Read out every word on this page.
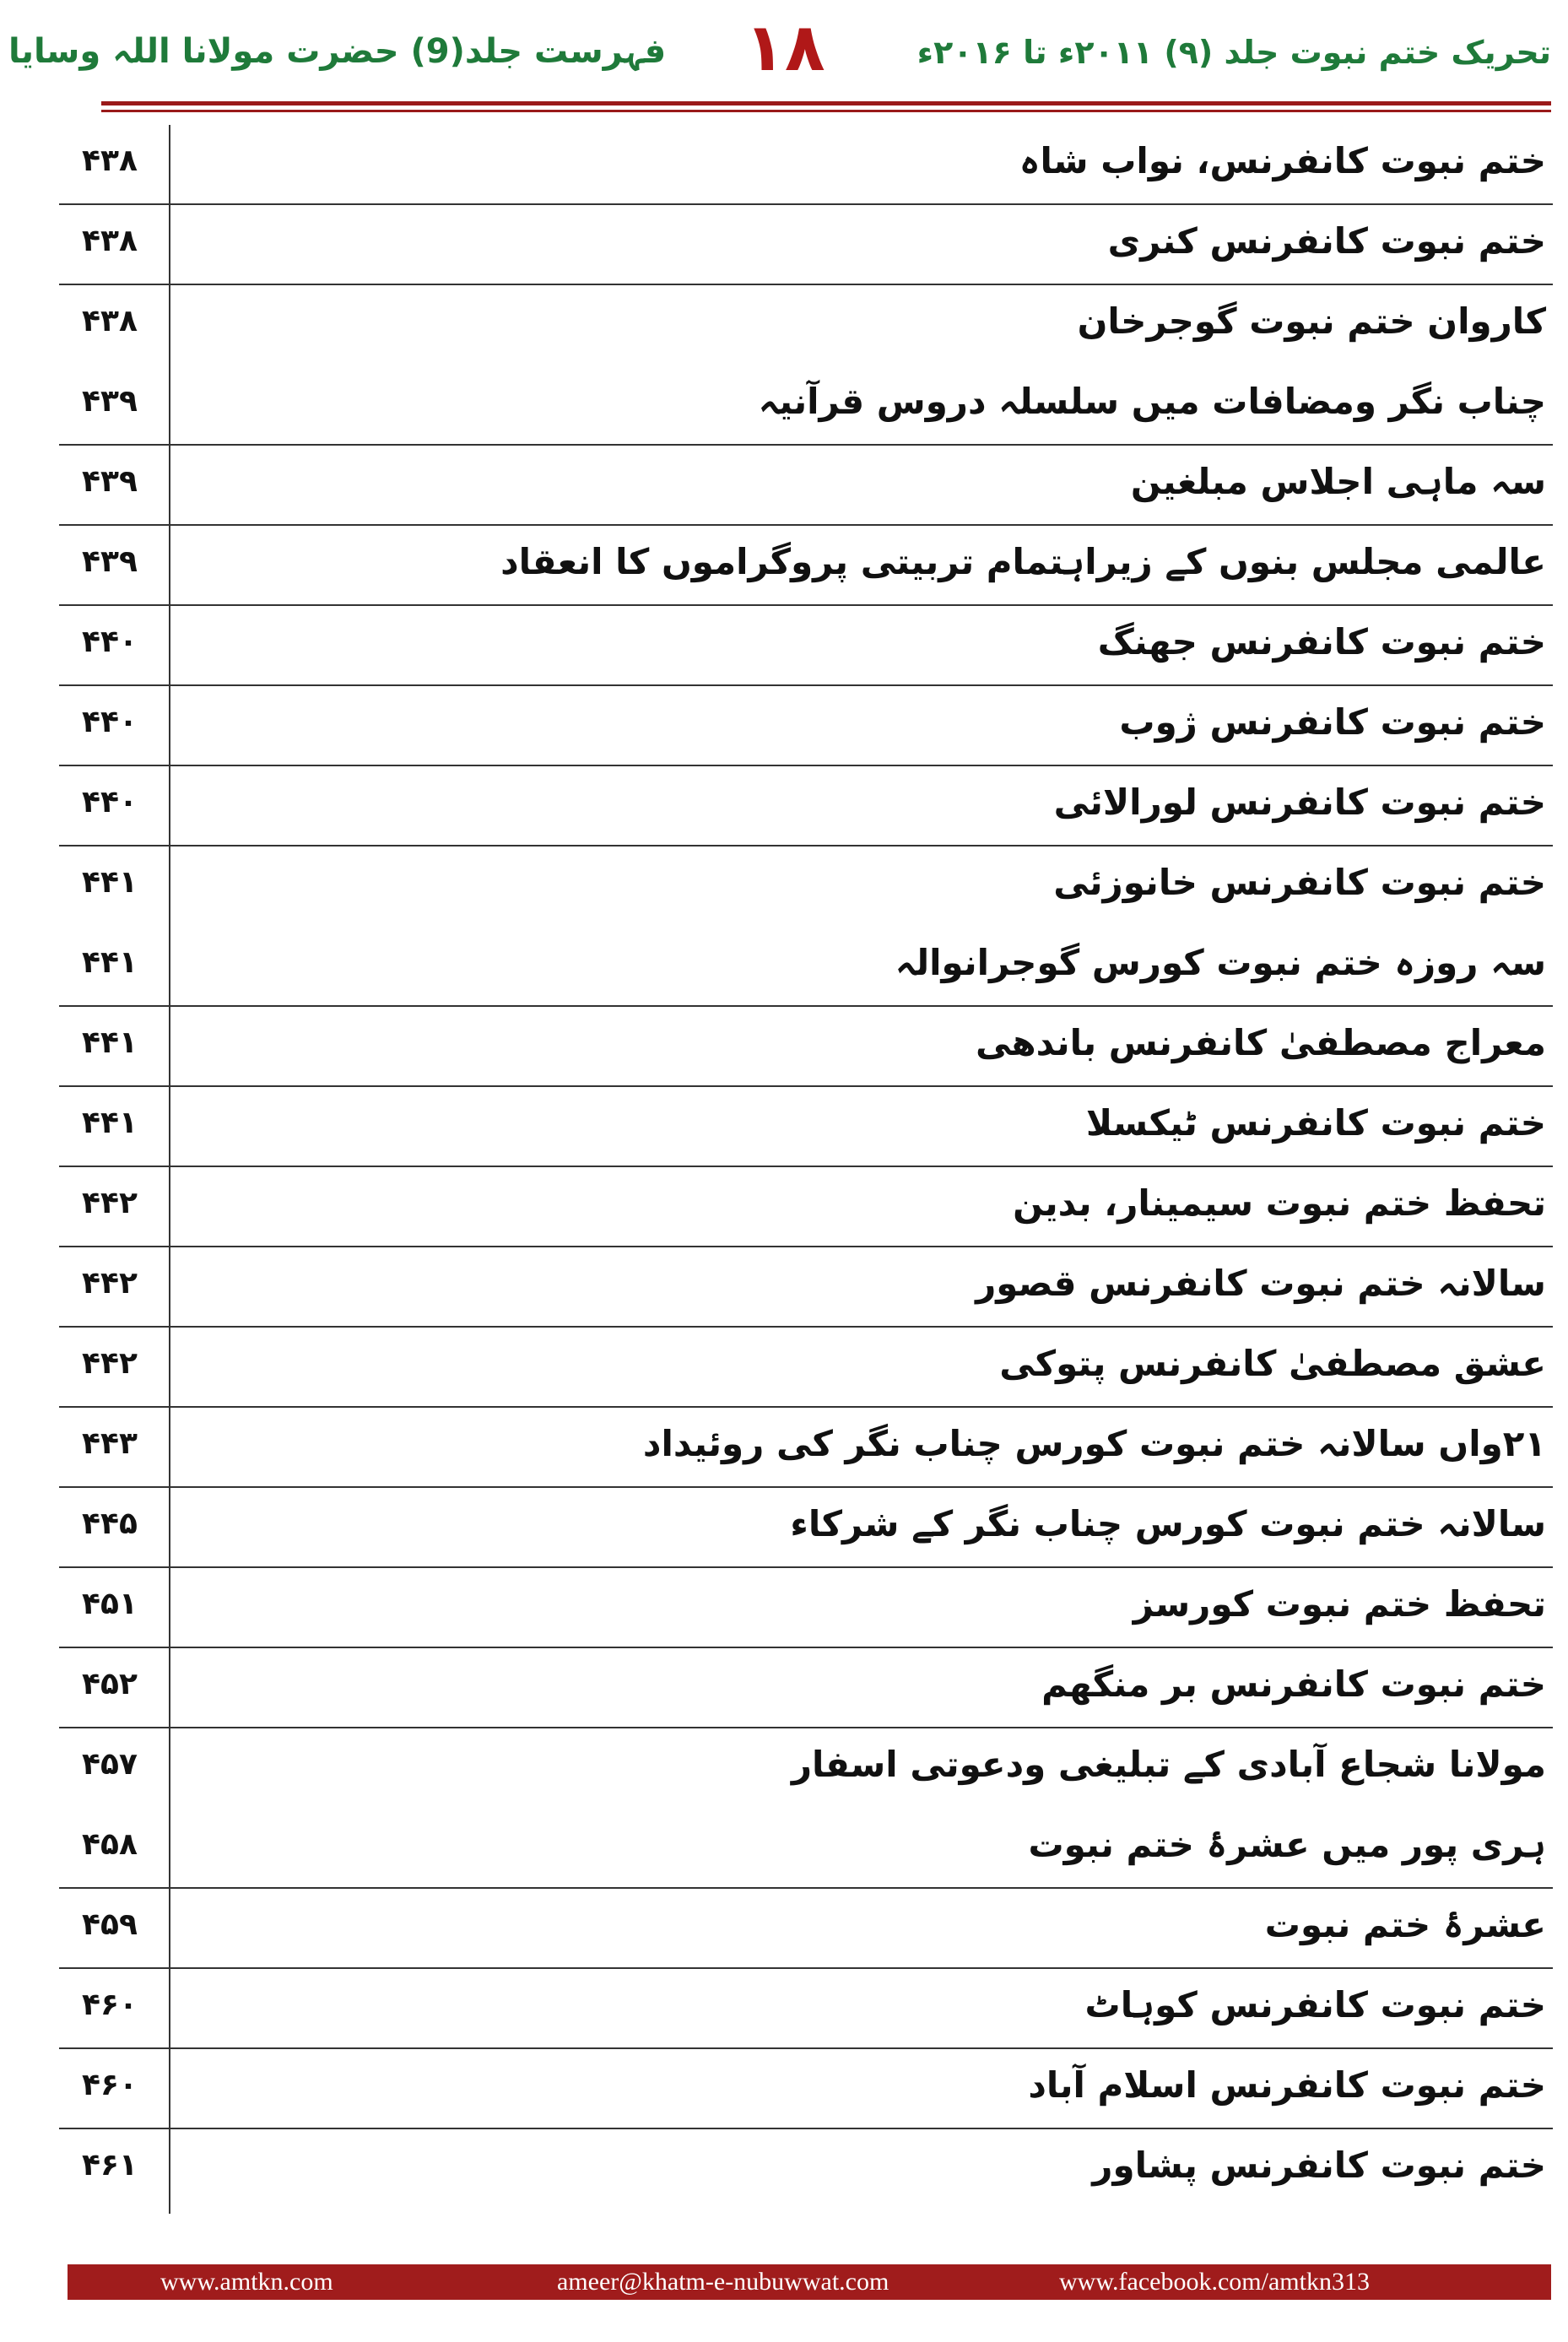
فہرست جلد(9) حضرت مولانا اللہ وسایا ۱۸	تحریک ختم نبوت جلد (۹) ۲۰۱۱ء تا ۲۰۱۶ء
۴۳۸	ختم نبوت کانفرنس، نواب شاہ
۴۳۸	ختم نبوت کانفرنس کنری
۴۳۸	کاروان ختم نبوت گوجرخان
۴۳۹	چناب نگر ومضافات میں سلسلہ دروس قرآنیہ
۴۳۹	سہ ماہی اجلاس مبلغین
۴۳۹	عالمی مجلس بنوں کے زیراہتمام تربیتی پروگراموں کا انعقاد
۴۴۰	ختم نبوت کانفرنس جھنگ
۴۴۰	ختم نبوت کانفرنس ژوب
۴۴۰	ختم نبوت کانفرنس لورالائی
۴۴۱	ختم نبوت کانفرنس خانوزئی
۴۴۱	سہ روزہ ختم نبوت کورس گوجرانوالہ
۴۴۱	معراج مصطفیٰ کانفرنس باندھی
۴۴۱	ختم نبوت کانفرنس ٹیکسلا
۴۴۲	تحفظ ختم نبوت سیمینار، بدین
۴۴۲	سالانہ ختم نبوت کانفرنس قصور
۴۴۲	عشق مصطفیٰ کانفرنس پتوکی
۴۴۳	۲۱واں سالانہ ختم نبوت کورس چناب نگر کی روئیداد
۴۴۵	سالانہ ختم نبوت کورس چناب نگر کے شرکاء
۴۵۱	تحفظ ختم نبوت کورسز
۴۵۲	ختم نبوت کانفرنس بر منگھم
۴۵۷	مولانا شجاع آبادی کے تبلیغی ودعوتی اسفار
۴۵۸	ہری پور میں عشرۂ ختم نبوت
۴۵۹	عشرۂ ختم نبوت
۴۶۰	ختم نبوت کانفرنس کوہاٹ
۴۶۰	ختم نبوت کانفرنس اسلام آباد
۴۶۱	ختم نبوت کانفرنس پشاور
www.amtkn.com	ameer@khatm-e-nubuwwat.com	www.facebook.com/amtkn313
